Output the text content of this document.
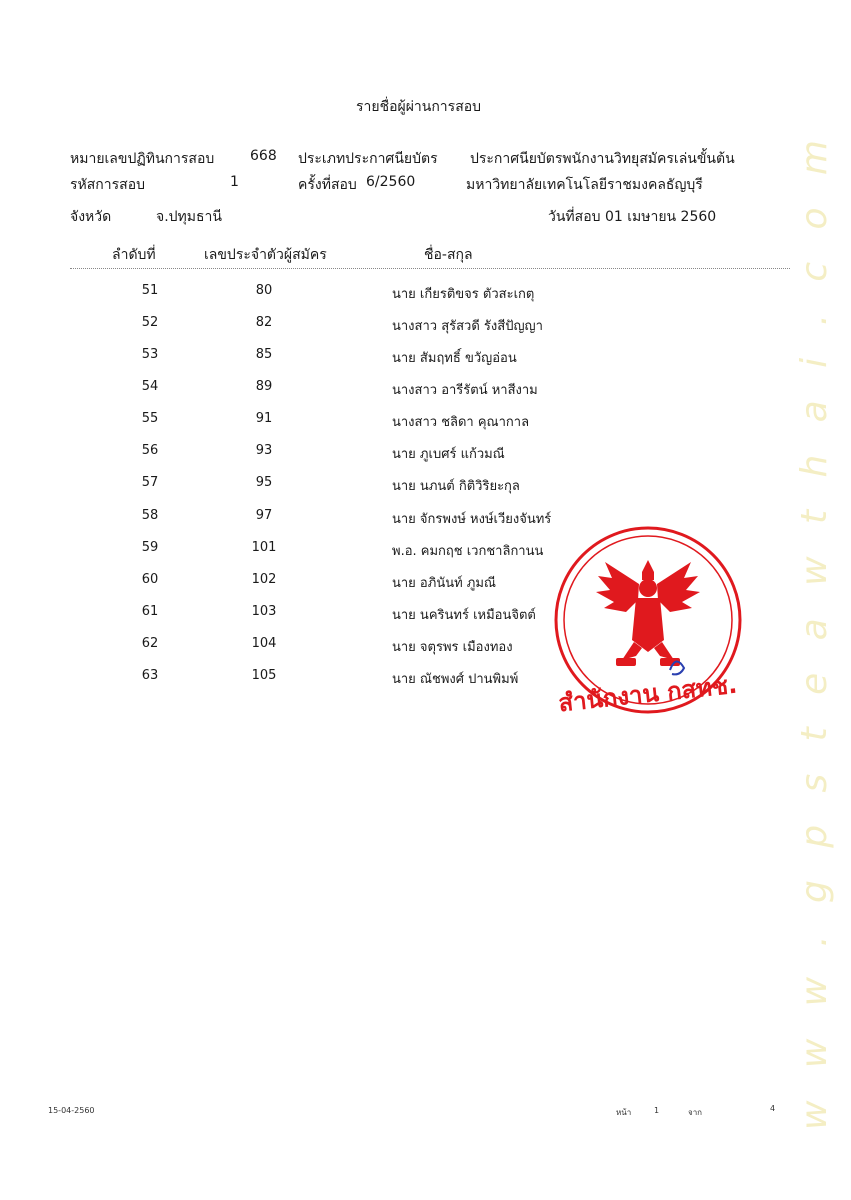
รายชื่อผู้ผ่านการสอบ
หมายเลขปฏิทินการสอบ	668 ประเภทประกาศนียบัตร ประกาศนียบัตรพนักงานวิทยุสมัครเล่นขั้นต้น
รหัสการสอบ	1	ครั้งที่สอบ 6/2560	มหาวิทยาลัยเทคโนโลยีราชมงคลธัญบุรี
จังหวัด	จ.ปทุมธานี	วันที่สอบ 01 เมษายน 2560
ลำดับที่	เลขประจำตัวผู้สมัคร	ชื่อ-สกุล
51	80	นาย เกียรติขจร ตัวสะเกตุ
52	82	นางสาว สุรัสวดี รังสีปัญญา
53	85	นาย สัมฤทธิ์ ขวัญอ่อน
54	89	นางสาว อารีรัตน์ หาสีงาม
55	91	นางสาว ชลิดา คุณากาล
56	93	นาย ภูเบศร์ แก้วมณี
57	95	นาย นภนต์ กิติวิริยะกุล
58	97	นาย จักรพงษ์ หงษ์เวียงจันทร์
59	101	พ.อ. คมกฤช เวกชาลิกานน
60	102	นาย อภินันท์ ภูมณี
61	103	นาย นครินทร์ เหมือนจิตต์
62	104	นาย จตุรพร เมืองทอง
63	105	นาย ณัชพงศ์ ปานพิมพ์ สำนักงาน กสทช.
www.gpsteawthai.com
15-04-2560	หน้า	1	จาก	4
